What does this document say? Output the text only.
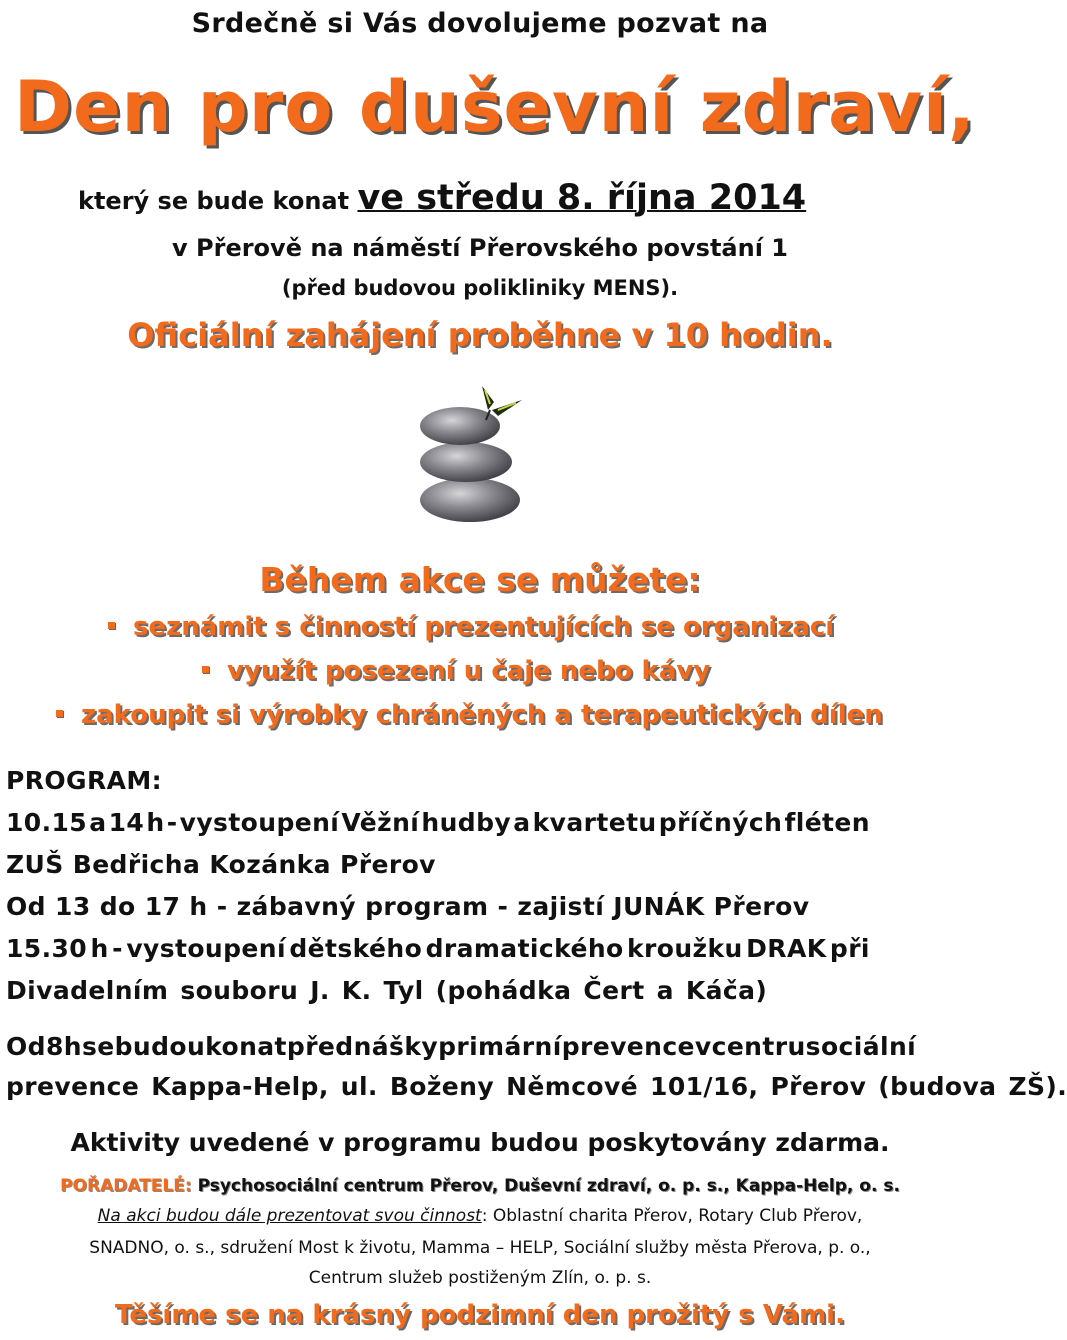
Srdečně si Vás dovolujeme pozvat na
Den pro duševní zdraví,
který se bude konat ve středu 8. října 2014
v Přerově na náměstí Přerovského povstání 1
(před budovou polikliniky MENS).
Oficiální zahájení proběhne v 10 hodin.
Během akce se můžete:
seznámit s činností prezentujících se organizací
využít posezení u čaje nebo kávy
zakoupit si výrobky chráněných a terapeutických dílen
PROGRAM:
10.15 a 14 h - vystoupení Věžní hudby a kvartetu příčných fléten
ZUŠ Bedřicha Kozánka Přerov
Od 13 do 17 h - zábavný program - zajistí JUNÁK Přerov
15.30 h - vystoupení dětského dramatického kroužku DRAK při
Divadelním souboru J. K. Tyl (pohádka Čert a Káča)
Od 8 h se budou konat přednášky primární prevence v centru sociální
prevence Kappa-Help, ul. Boženy Němcové 101/16, Přerov (budova ZŠ).
Aktivity uvedené v programu budou poskytovány zdarma.
POŘADATELÉ: Psychosociální centrum Přerov, Duševní zdraví, o. p. s., Kappa-Help, o. s.
Na akci budou dále prezentovat svou činnost: Oblastní charita Přerov, Rotary Club Přerov,
SNADNO, o. s., sdružení Most k životu, Mamma – HELP, Sociální služby města Přerova, p. o.,
Centrum služeb postiženým Zlín, o. p. s.
Těšíme se na krásný podzimní den prožitý s Vámi.
